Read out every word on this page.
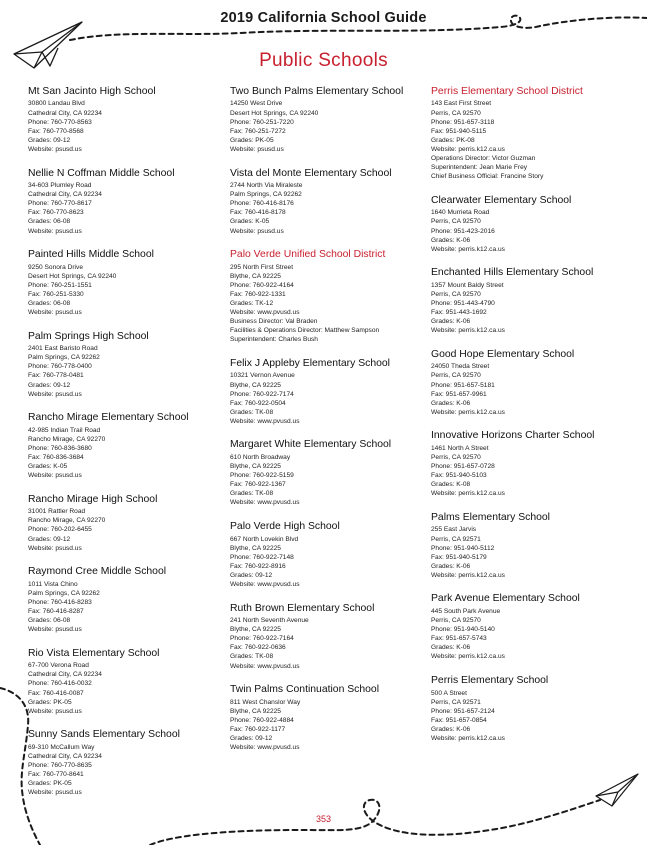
2019 California School Guide
Public Schools
Mt San Jacinto High School
30800 Landau Blvd
Cathedral City, CA 92234
Phone: 760-770-8563
Fax: 760-770-8568
Grades: 09-12
Website: psusd.us
Nellie N Coffman Middle School
34-603 Plumley Road
Cathedral City, CA 92234
Phone: 760-770-8617
Fax: 760-770-8623
Grades: 06-08
Website: psusd.us
Painted Hills Middle School
9250 Sonora Drive
Desert Hot Springs, CA 92240
Phone: 760-251-1551
Fax: 760-251-5330
Grades: 06-08
Website: psusd.us
Palm Springs High School
2401 East Baristo Road
Palm Springs, CA 92262
Phone: 760-778-0400
Fax: 760-778-0481
Grades: 09-12
Website: psusd.us
Rancho Mirage Elementary School
42-985 Indian Trail Road
Rancho Mirage, CA 92270
Phone: 760-836-3680
Fax: 760-836-3684
Grades: K-05
Website: psusd.us
Rancho Mirage High School
31001 Rattler Road
Rancho Mirage, CA 92270
Phone: 760-202-6455
Grades: 09-12
Website: psusd.us
Raymond Cree Middle School
1011 Vista Chino
Palm Springs, CA 92262
Phone: 760-416-8283
Fax: 760-416-8287
Grades: 06-08
Website: psusd.us
Rio Vista Elementary School
67-700 Verona Road
Cathedral City, CA 92234
Phone: 760-416-0032
Fax: 760-416-0087
Grades: PK-05
Website: psusd.us
Sunny Sands Elementary School
69-310 McCallum Way
Cathedral City, CA 92234
Phone: 760-770-8635
Fax: 760-770-8641
Grades: PK-05
Website: psusd.us
Two Bunch Palms Elementary School
14250 West Drive
Desert Hot Springs, CA 92240
Phone: 760-251-7220
Fax: 760-251-7272
Grades: PK-05
Website: psusd.us
Vista del Monte Elementary School
2744 North Via Miraleste
Palm Springs, CA 92262
Phone: 760-416-8176
Fax: 760-416-8178
Grades: K-05
Website: psusd.us
Palo Verde Unified School District
295 North First Street
Blythe, CA 92225
Phone: 760-922-4164
Fax: 760-922-1331
Grades: TK-12
Website: www.pvusd.us
Business Director: Val Braden
Facilities & Operations Director: Matthew Sampson
Superintendent: Charles Bush
Felix J Appleby Elementary School
10321 Vernon Avenue
Blythe, CA 92225
Phone: 760-922-7174
Fax: 760-922-0504
Grades: TK-08
Website: www.pvusd.us
Margaret White Elementary School
610 North Broadway
Blythe, CA 92225
Phone: 760-922-5159
Fax: 760-922-1367
Grades: TK-08
Website: www.pvusd.us
Palo Verde High School
667 North Lovekin Blvd
Blythe, CA 92225
Phone: 760-922-7148
Fax: 760-922-8916
Grades: 09-12
Website: www.pvusd.us
Ruth Brown Elementary School
241 North Seventh Avenue
Blythe, CA 92225
Phone: 760-922-7164
Fax: 760-922-0636
Grades: TK-08
Website: www.pvusd.us
Twin Palms Continuation School
811 West Chanslor Way
Blythe, CA 92225
Phone: 760-922-4884
Fax: 760-922-1177
Grades: 09-12
Website: www.pvusd.us
Perris Elementary School District
143 East First Street
Perris, CA 92570
Phone: 951-657-3118
Fax: 951-940-5115
Grades: PK-08
Website: perris.k12.ca.us
Operations Director: Victor Guzman
Superintendent: Jean Marie Frey
Chief Business Official: Francine Story
Clearwater Elementary School
1640 Murrieta Road
Perris, CA 92570
Phone: 951-423-2016
Grades: K-06
Website: perris.k12.ca.us
Enchanted Hills Elementary School
1357 Mount Baldy Street
Perris, CA 92570
Phone: 951-443-4790
Fax: 951-443-1692
Grades: K-06
Website: perris.k12.ca.us
Good Hope Elementary School
24050 Theda Street
Perris, CA 92570
Phone: 951-657-5181
Fax: 951-657-9961
Grades: K-06
Website: perris.k12.ca.us
Innovative Horizons Charter School
1461 North A Street
Perris, CA 92570
Phone: 951-657-0728
Fax: 951-940-5103
Grades: K-08
Website: perris.k12.ca.us
Palms Elementary School
255 East Jarvis
Perris, CA 92571
Phone: 951-940-5112
Fax: 951-940-5179
Grades: K-06
Website: perris.k12.ca.us
Park Avenue Elementary School
445 South Park Avenue
Perris, CA 92570
Phone: 951-940-5140
Fax: 951-657-5743
Grades: K-06
Website: perris.k12.ca.us
Perris Elementary School
500 A Street
Perris, CA 92571
Phone: 951-657-2124
Fax: 951-657-0854
Grades: K-06
Website: perris.k12.ca.us
353
